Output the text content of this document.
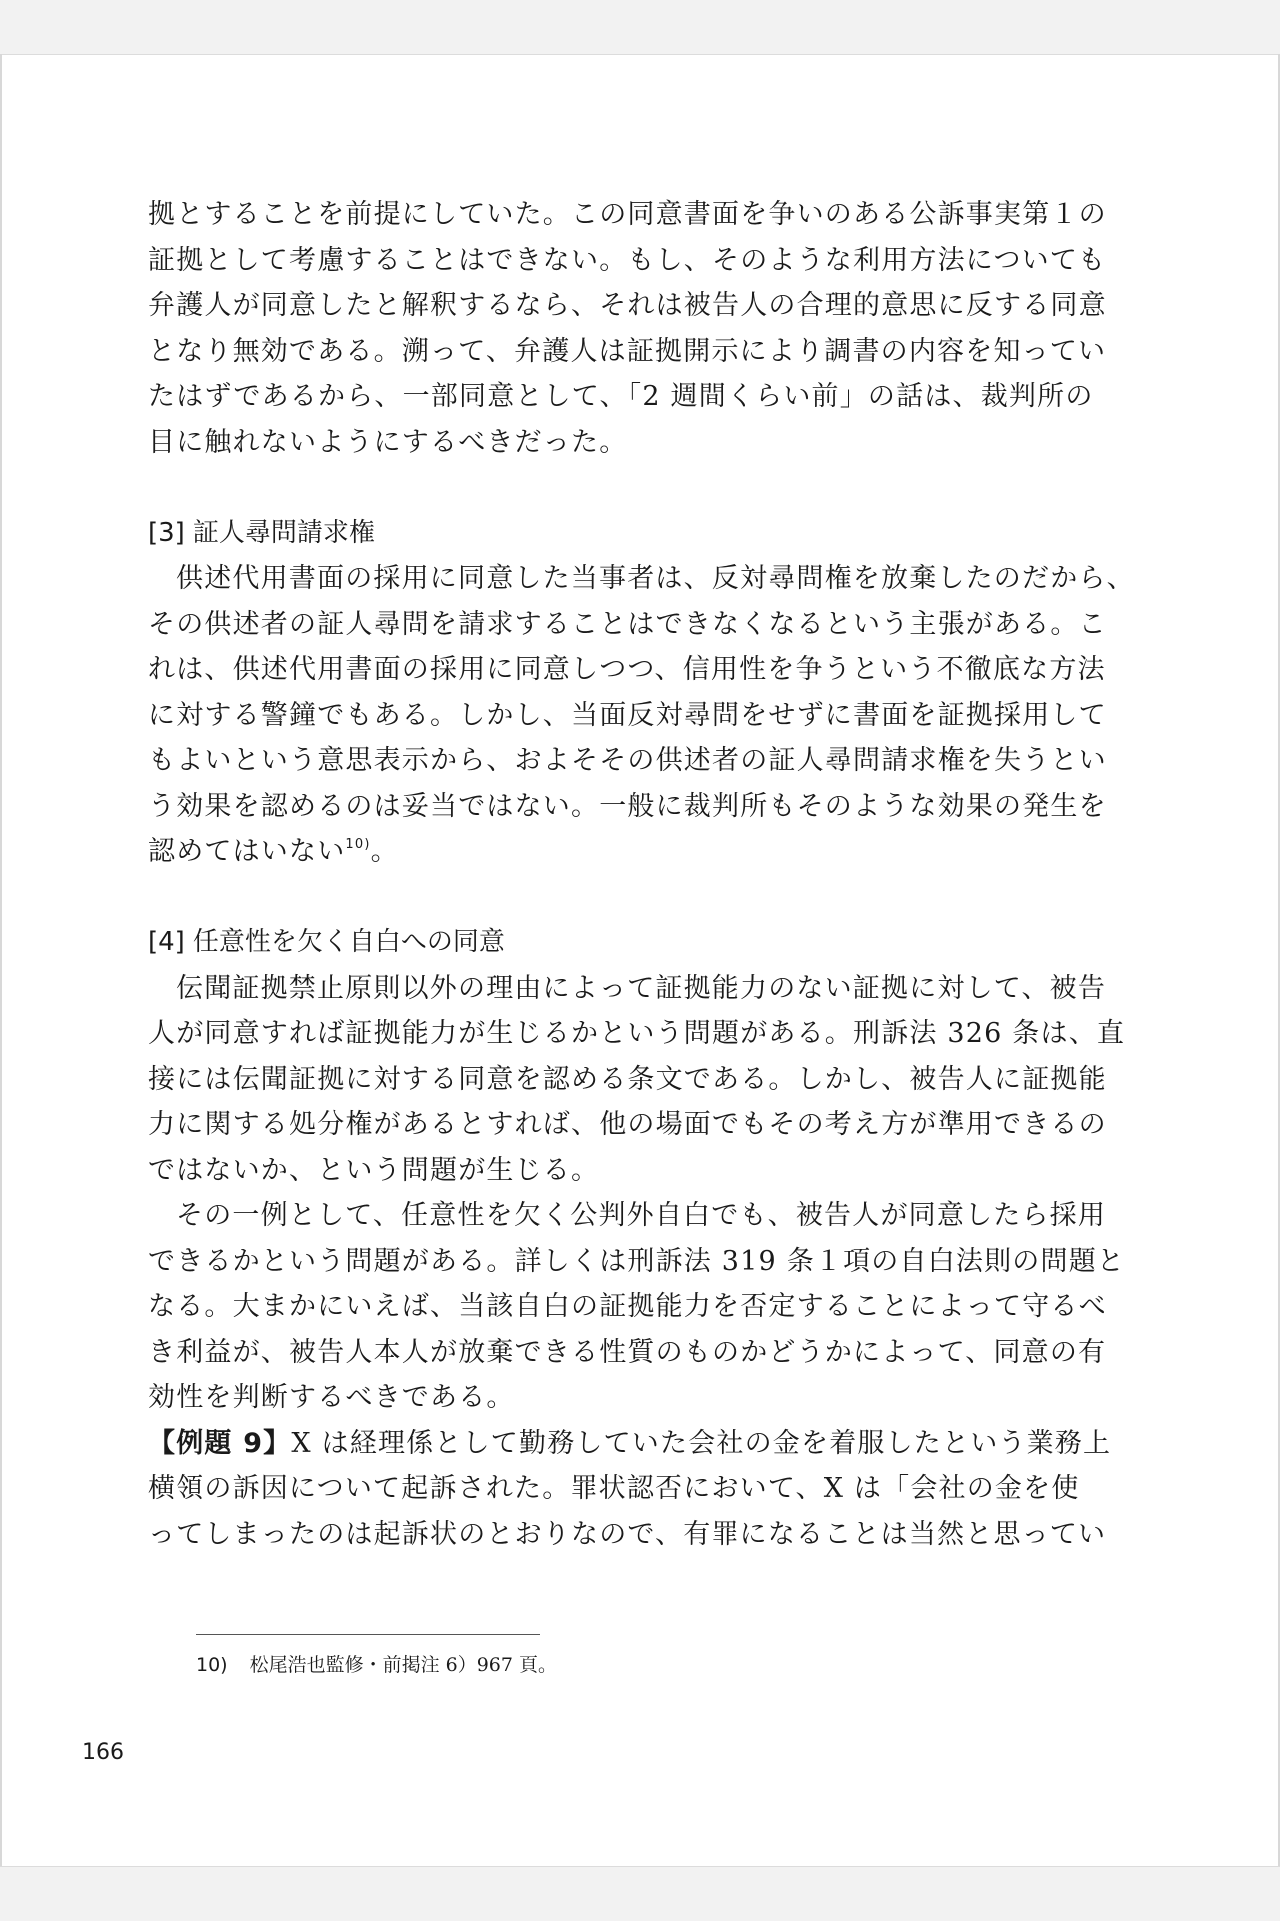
拠とすることを前提にしていた。この同意書面を争いのある公訴事実第１の
証拠として考慮することはできない。もし、そのような利用方法についても
弁護人が同意したと解釈するなら、それは被告人の合理的意思に反する同意
となり無効である。溯って、弁護人は証拠開示により調書の内容を知ってい
たはずであるから、一部同意として、「2 週間くらい前」の話は、裁判所の
目に触れないようにするべきだった。
[3] 証人尋問請求権
供述代用書面の採用に同意した当事者は、反対尋問権を放棄したのだから、
その供述者の証人尋問を請求することはできなくなるという主張がある。こ
れは、供述代用書面の採用に同意しつつ、信用性を争うという不徹底な方法
に対する警鐘でもある。しかし、当面反対尋問をせずに書面を証拠採用して
もよいという意思表示から、およそその供述者の証人尋問請求権を失うとい
う効果を認めるのは妥当ではない。一般に裁判所もそのような効果の発生を
認めてはいない$^{10)}$。
[4] 任意性を欠く自白への同意
伝聞証拠禁止原則以外の理由によって証拠能力のない証拠に対して、被告
人が同意すれば証拠能力が生じるかという問題がある。刑訴法 326 条は、直
接には伝聞証拠に対する同意を認める条文である。しかし、被告人に証拠能
力に関する処分権があるとすれば、他の場面でもその考え方が準用できるの
ではないか、という問題が生じる。
その一例として、任意性を欠く公判外自白でも、被告人が同意したら採用
できるかという問題がある。詳しくは刑訴法 319 条１項の自白法則の問題と
なる。大まかにいえば、当該自白の証拠能力を否定することによって守るべ
き利益が、被告人本人が放棄できる性質のものかどうかによって、同意の有
効性を判断するべきである。
【例題 9】X は経理係として勤務していた会社の金を着服したという業務上
横領の訴因について起訴された。罪状認否において、X は「会社の金を使
ってしまったのは起訴状のとおりなので、有罪になることは当然と思ってい
10) 松尾浩也監修・前掲注 6）967 頁。
166
